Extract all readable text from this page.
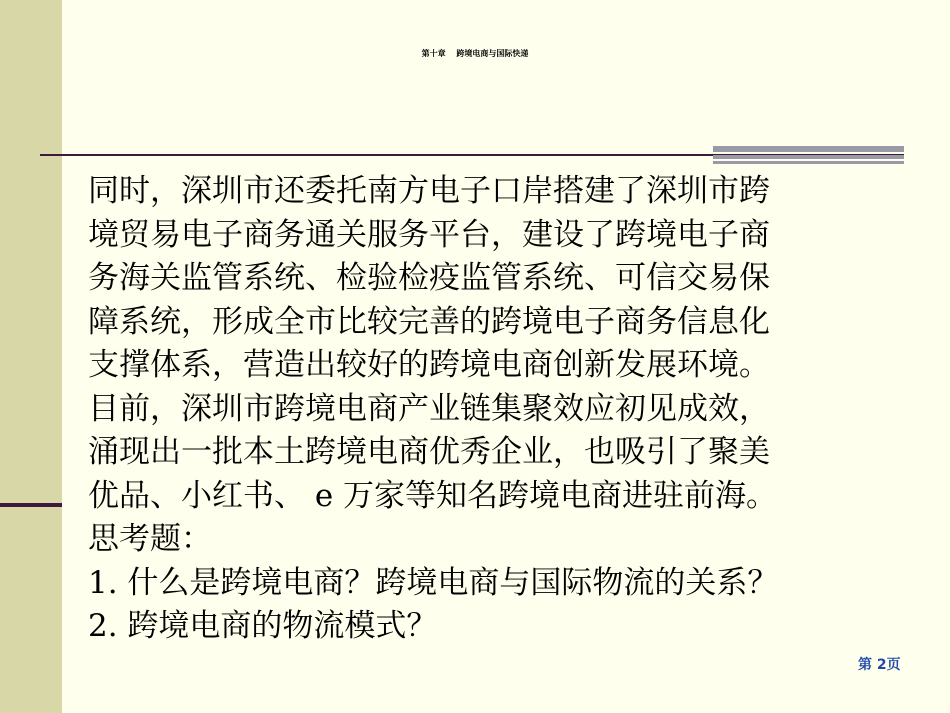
第十章　 跨境电商与国际快递
同时，深圳市还委托南方电子口岸搭建了深圳市跨
境贸易电子商务通关服务平台，建设了跨境电子商
务海关监管系统、检验检疫监管系统、可信交易保
障系统，形成全市比较完善的跨境电子商务信息化
支撑体系，营造出较好的跨境电商创新发展环境。
目前，深圳市跨境电商产业链集聚效应初见成效，
涌现出一批本土跨境电商优秀企业，也吸引了聚美
优品、小红书、 e 万家等知名跨境电商进驻前海。
思考题：
1. 什么是跨境电商？跨境电商与国际物流的关系？
2. 跨境电商的物流模式？
第 2页
